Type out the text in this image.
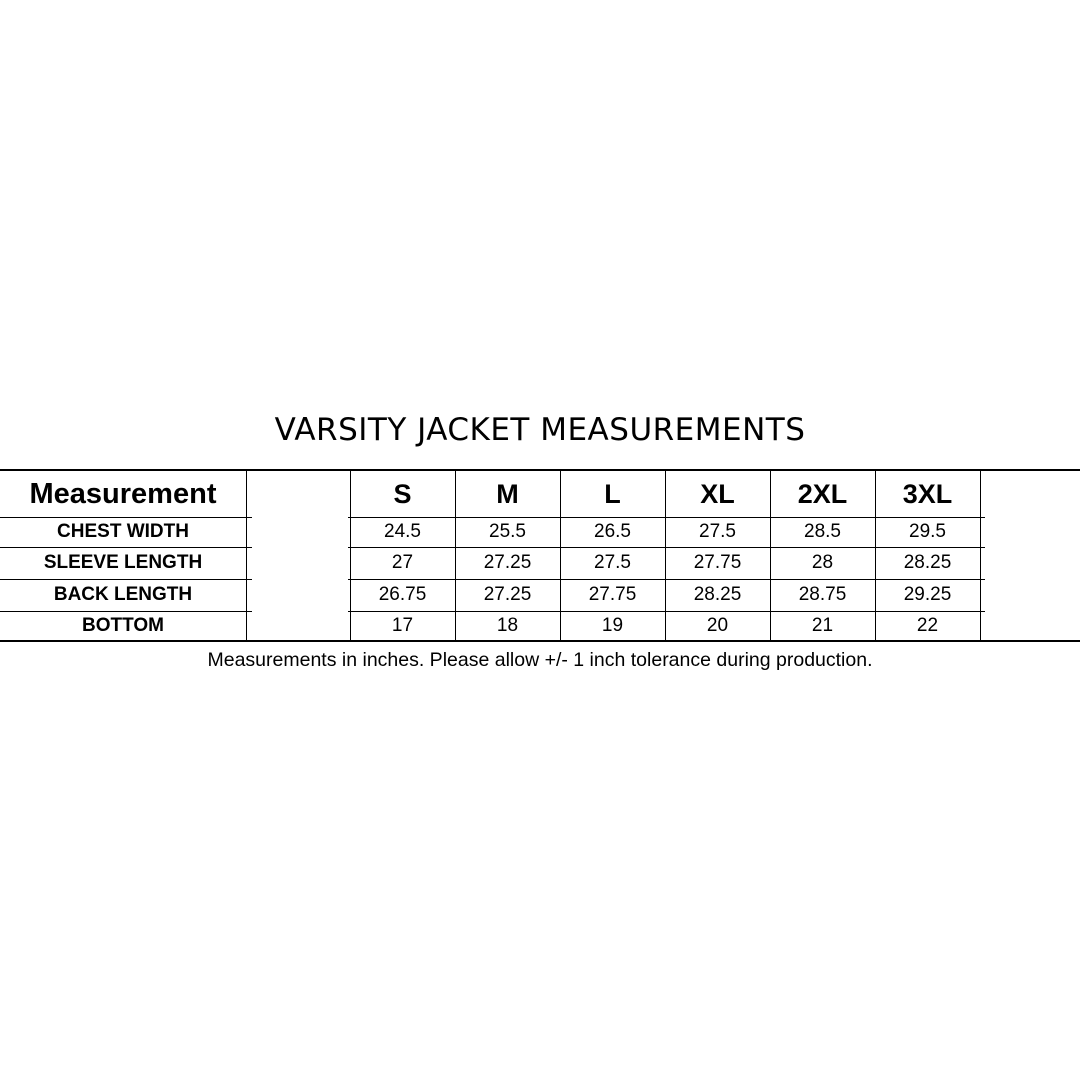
VARSITY JACKET MEASUREMENTS
Measurement	S	M	L	XL	2XL	3XL
CHEST WIDTH	24.5	25.5	26.5	27.5	28.5	29.5
SLEEVE LENGTH	27	27.25	27.5	27.75	28	28.25
BACK LENGTH	26.75	27.25	27.75	28.25	28.75	29.25
BOTTOM	17	18	19	20	21	22
Measurements in inches. Please allow +/- 1 inch tolerance during production.
